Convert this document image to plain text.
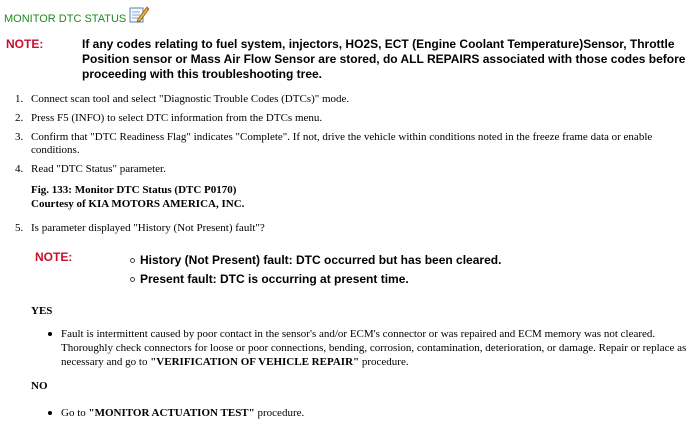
MONITOR DTC STATUS
NOTE:	If any codes relating to fuel system, injectors, HO2S, ECT (Engine Coolant Temperature)Sensor, Throttle Position sensor or Mass Air Flow Sensor are stored, do ALL REPAIRS associated with those codes before proceeding with this troubleshooting tree.
1. Connect scan tool and select "Diagnostic Trouble Codes (DTCs)" mode.
2. Press F5 (INFO) to select DTC information from the DTCs menu.
3. Confirm that "DTC Readiness Flag" indicates "Complete". If not, drive the vehicle within conditions noted in the freeze frame data or enable conditions.
4. Read "DTC Status" parameter.
Fig. 133: Monitor DTC Status (DTC P0170)
Courtesy of KIA MOTORS AMERICA, INC.
5. Is parameter displayed "History (Not Present) fault"?
NOTE:	History (Not Present) fault: DTC occurred but has been cleared.
Present fault: DTC is occurring at present time.
YES
Fault is intermittent caused by poor contact in the sensor's and/or ECM's connector or was repaired and ECM memory was not cleared. Thoroughly check connectors for loose or poor connections, bending, corrosion, contamination, deterioration, or damage. Repair or replace as necessary and go to "VERIFICATION OF VEHICLE REPAIR" procedure.
NO
Go to "MONITOR ACTUATION TEST" procedure.
